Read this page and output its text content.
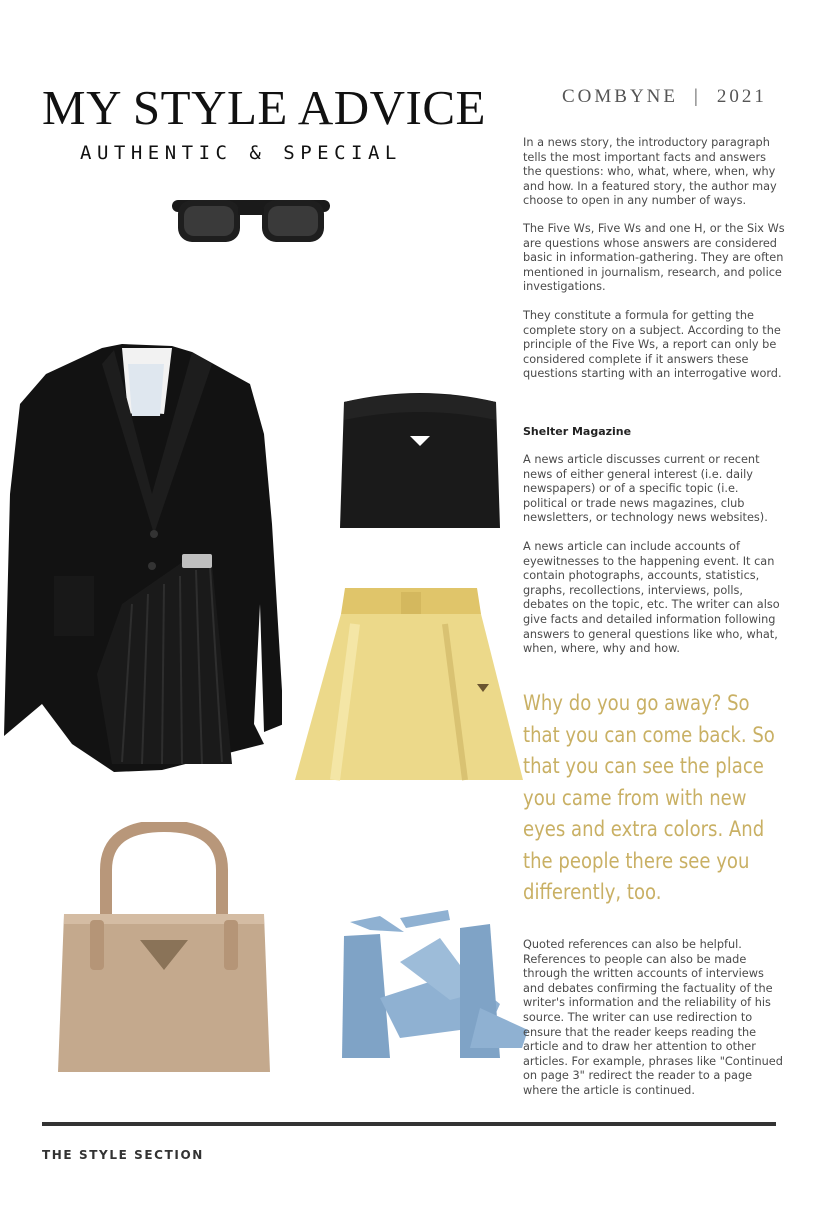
MY STYLE ADVICE
AUTHENTIC & SPECIAL
COMBYNE | 2021

In a news story, the introductory paragraph tells the most important facts and answers the questions: who, what, where, when, why and how. In a featured story, the author may choose to open in any number of ways.

The Five Ws, Five Ws and one H, or the Six Ws are questions whose answers are considered basic in information-gathering. They are often mentioned in journalism, research, and police investigations.

They constitute a formula for getting the complete story on a subject. According to the principle of the Five Ws, a report can only be considered complete if it answers these questions starting with an interrogative word.

Shelter Magazine

A news article discusses current or recent news of either general interest (i.e. daily newspapers) or of a specific topic (i.e. political or trade news magazines, club newsletters, or technology news websites).

A news article can include accounts of eyewitnesses to the happening event. It can contain photographs, accounts, statistics, graphs, recollections, interviews, polls, debates on the topic, etc. The writer can also give facts and detailed information following answers to general questions like who, what, when, where, why and how.

Why do you go away? So that you can come back. So that you can see the place you came from with new eyes and extra colors. And the people there see you differently, too.

Quoted references can also be helpful. References to people can also be made through the written accounts of interviews and debates confirming the factuality of the writer's information and the reliability of his source. The writer can use redirection to ensure that the reader keeps reading the article and to draw her attention to other articles. For example, phrases like "Continued on page 3" redirect the reader to a page where the article is continued.

THE STYLE SECTION
